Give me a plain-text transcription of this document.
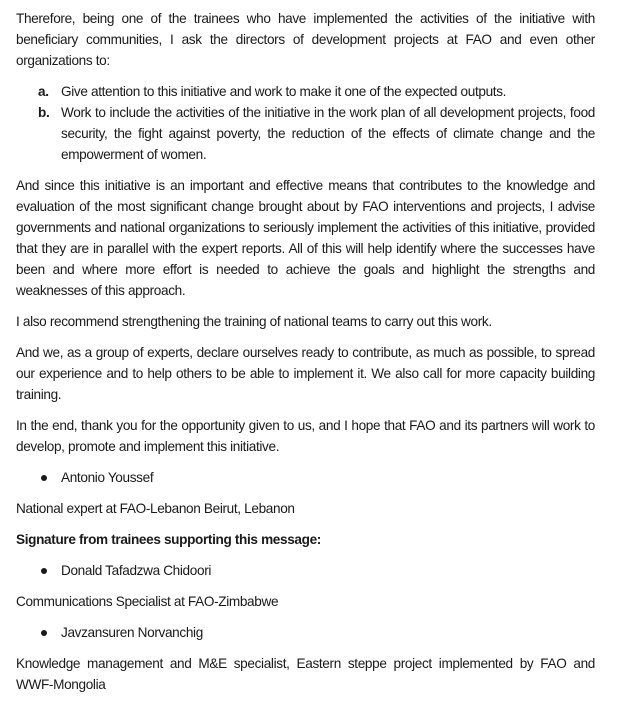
Therefore, being one of the trainees who have implemented the activities of the initiative with beneficiary communities, I ask the directors of development projects at FAO and even other organizations to:

a. Give attention to this initiative and work to make it one of the expected outputs.
b. Work to include the activities of the initiative in the work plan of all development projects, food security, the fight against poverty, the reduction of the effects of climate change and the empowerment of women.

And since this initiative is an important and effective means that contributes to the knowledge and evaluation of the most significant change brought about by FAO interventions and projects, I advise governments and national organizations to seriously implement the activities of this initiative, provided that they are in parallel with the expert reports. All of this will help identify where the successes have been and where more effort is needed to achieve the goals and highlight the strengths and weaknesses of this approach.

I also recommend strengthening the training of national teams to carry out this work.

And we, as a group of experts, declare ourselves ready to contribute, as much as possible, to spread our experience and to help others to be able to implement it. We also call for more capacity building training.

In the end, thank you for the opportunity given to us, and I hope that FAO and its partners will work to develop, promote and implement this initiative.

Antonio Youssef

National expert at FAO-Lebanon Beirut, Lebanon

Signature from trainees supporting this message:

Donald Tafadzwa Chidoori

Communications Specialist at FAO-Zimbabwe

Javzansuren Norvanchig

Knowledge management and M&E specialist, Eastern steppe project implemented by FAO and WWF-Mongolia
